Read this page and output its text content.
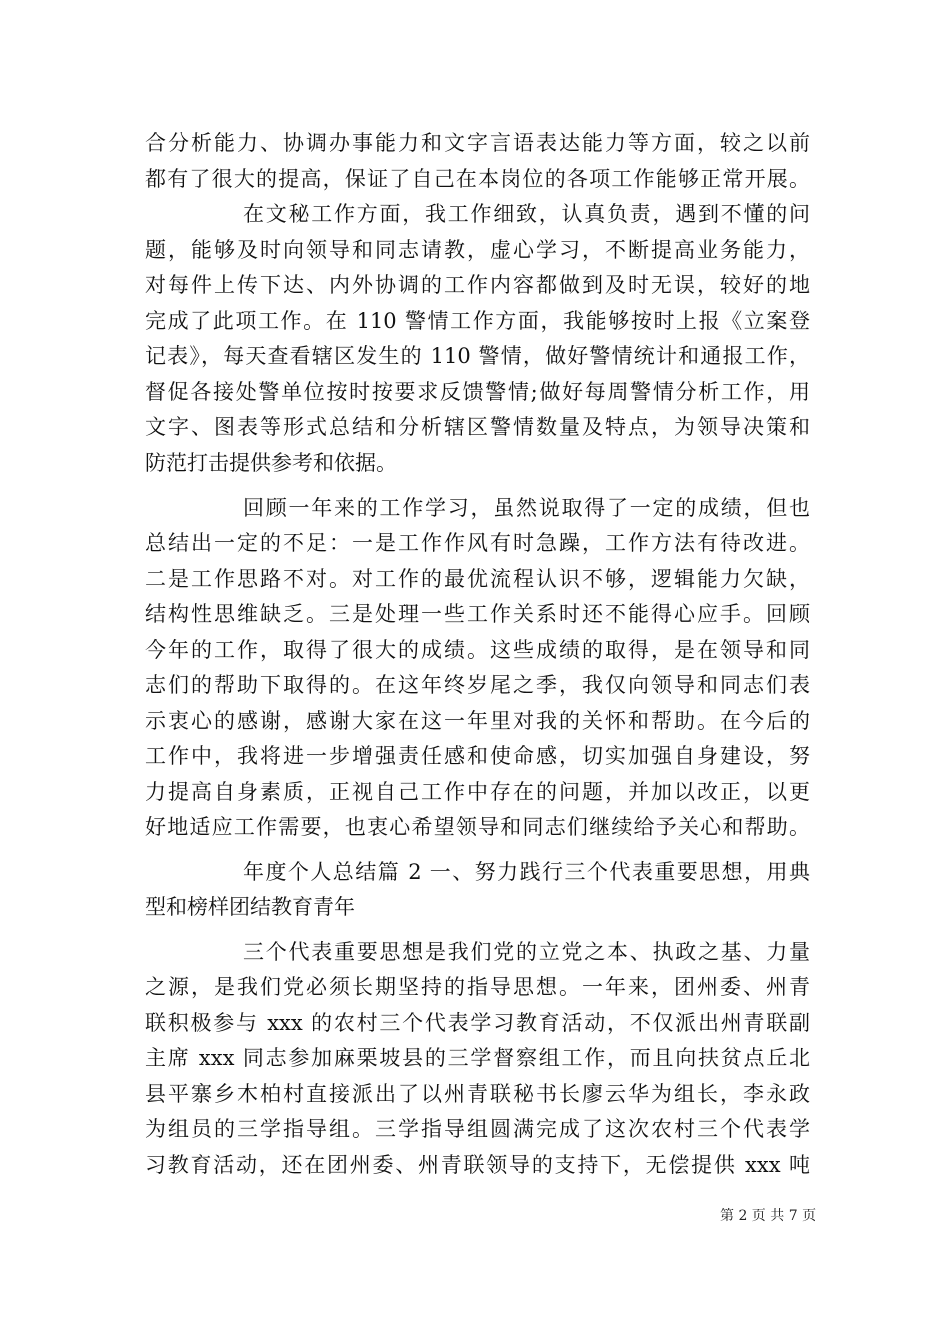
合分析能力、协调办事能力和文字言语表达能力等方面，较之以前
都有了很大的提高，保证了自己在本岗位的各项工作能够正常开展。
在文秘工作方面，我工作细致，认真负责，遇到不懂的问
题，能够及时向领导和同志请教，虚心学习，不断提高业务能力，
对每件上传下达、内外协调的工作内容都做到及时无误，较好的地
完成了此项工作。在 110 警情工作方面，我能够按时上报《立案登
记表》，每天查看辖区发生的 110 警情，做好警情统计和通报工作，
督促各接处警单位按时按要求反馈警情;做好每周警情分析工作，用
文字、图表等形式总结和分析辖区警情数量及特点，为领导决策和
防范打击提供参考和依据。
回顾一年来的工作学习，虽然说取得了一定的成绩，但也
总结出一定的不足：一是工作作风有时急躁，工作方法有待改进。
二是工作思路不对。对工作的最优流程认识不够，逻辑能力欠缺，
结构性思维缺乏。三是处理一些工作关系时还不能得心应手。回顾
今年的工作，取得了很大的成绩。这些成绩的取得，是在领导和同
志们的帮助下取得的。在这年终岁尾之季，我仅向领导和同志们表
示衷心的感谢，感谢大家在这一年里对我的关怀和帮助。在今后的
工作中，我将进一步增强责任感和使命感，切实加强自身建设，努
力提高自身素质，正视自己工作中存在的问题，并加以改正，以更
好地适应工作需要，也衷心希望领导和同志们继续给予关心和帮助。
年度个人总结篇 2 一、努力践行三个代表重要思想，用典
型和榜样团结教育青年
三个代表重要思想是我们党的立党之本、执政之基、力量
之源，是我们党必须长期坚持的指导思想。一年来，团州委、州青
联积极参与 xxx 的农村三个代表学习教育活动，不仅派出州青联副
主席 xxx 同志参加麻栗坡县的三学督察组工作，而且向扶贫点丘北
县平寨乡木柏村直接派出了以州青联秘书长廖云华为组长，李永政
为组员的三学指导组。三学指导组圆满完成了这次农村三个代表学
习教育活动，还在团州委、州青联领导的支持下，无偿提供 xxx 吨
第 2 页 共 7 页
